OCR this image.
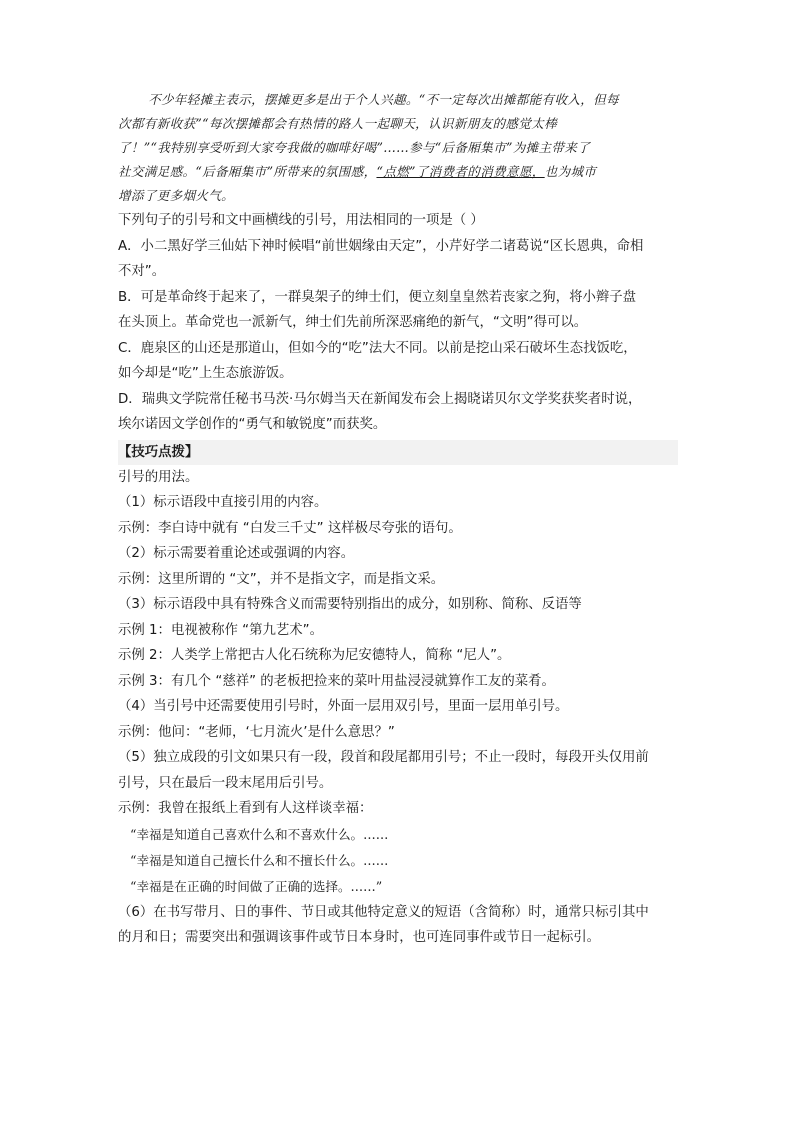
不少年轻摊主表示，摆摊更多是出于个人兴趣。“不一定每次出摊都能有收入，但每
次都有新收获”“每次摆摊都会有热情的路人一起聊天，认识新朋友的感觉太棒
了！”“我特别享受听到大家夸我做的咖啡好喝”……参与“后备厢集市”为摊主带来了
社交满足感。“后备厢集市”所带来的氛围感，“点燃”了消费者的消费意愿，也为城市
增添了更多烟火气。
下列句子的引号和文中画横线的引号，用法相同的一项是（ ）
A．小二黑好学三仙姑下神时候唱“前世姻缘由天定”，小芹好学二诸葛说“区长恩典，命相
不对”。
B．可是革命终于起来了，一群臭架子的绅士们，便立刻皇皇然若丧家之狗，将小辫子盘
在头顶上。革命党也一派新气，绅士们先前所深恶痛绝的新气，“文明”得可以。
C．鹿泉区的山还是那道山，但如今的“吃”法大不同。以前是挖山采石破坏生态找饭吃，
如今却是“吃”上生态旅游饭。
D．瑞典文学院常任秘书马茨·马尔姆当天在新闻发布会上揭晓诺贝尔文学奖获奖者时说，
埃尔诺因文学创作的“勇气和敏锐度”而获奖。
【技巧点拨】
引号的用法。
（1）标示语段中直接引用的内容。
示例：李白诗中就有 “白发三千丈” 这样极尽夸张的语句。
（2）标示需要着重论述或强调的内容。
示例：这里所谓的 “文”，并不是指文字，而是指文采。
（3）标示语段中具有特殊含义而需要特别指出的成分，如别称、简称、反语等
示例 1：电视被称作 “第九艺术”。
示例 2：人类学上常把古人化石统称为尼安德特人，简称 “尼人”。
示例 3：有几个 “慈祥” 的老板把捡来的菜叶用盐浸浸就算作工友的菜肴。
（4）当引号中还需要使用引号时，外面一层用双引号，里面一层用单引号。
示例：他问：“老师，‘七月流火’是什么意思？”
（5）独立成段的引文如果只有一段，段首和段尾都用引号；不止一段时，每段开头仅用前
引号，只在最后一段末尾用后引号。
示例：我曾在报纸上看到有人这样谈幸福：
“幸福是知道自己喜欢什么和不喜欢什么。……
“幸福是知道自己擅长什么和不擅长什么。……
“幸福是在正确的时间做了正确的选择。……”
（6）在书写带月、日的事件、节日或其他特定意义的短语（含简称）时，通常只标引其中
的月和日；需要突出和强调该事件或节日本身时，也可连同事件或节日一起标引。
